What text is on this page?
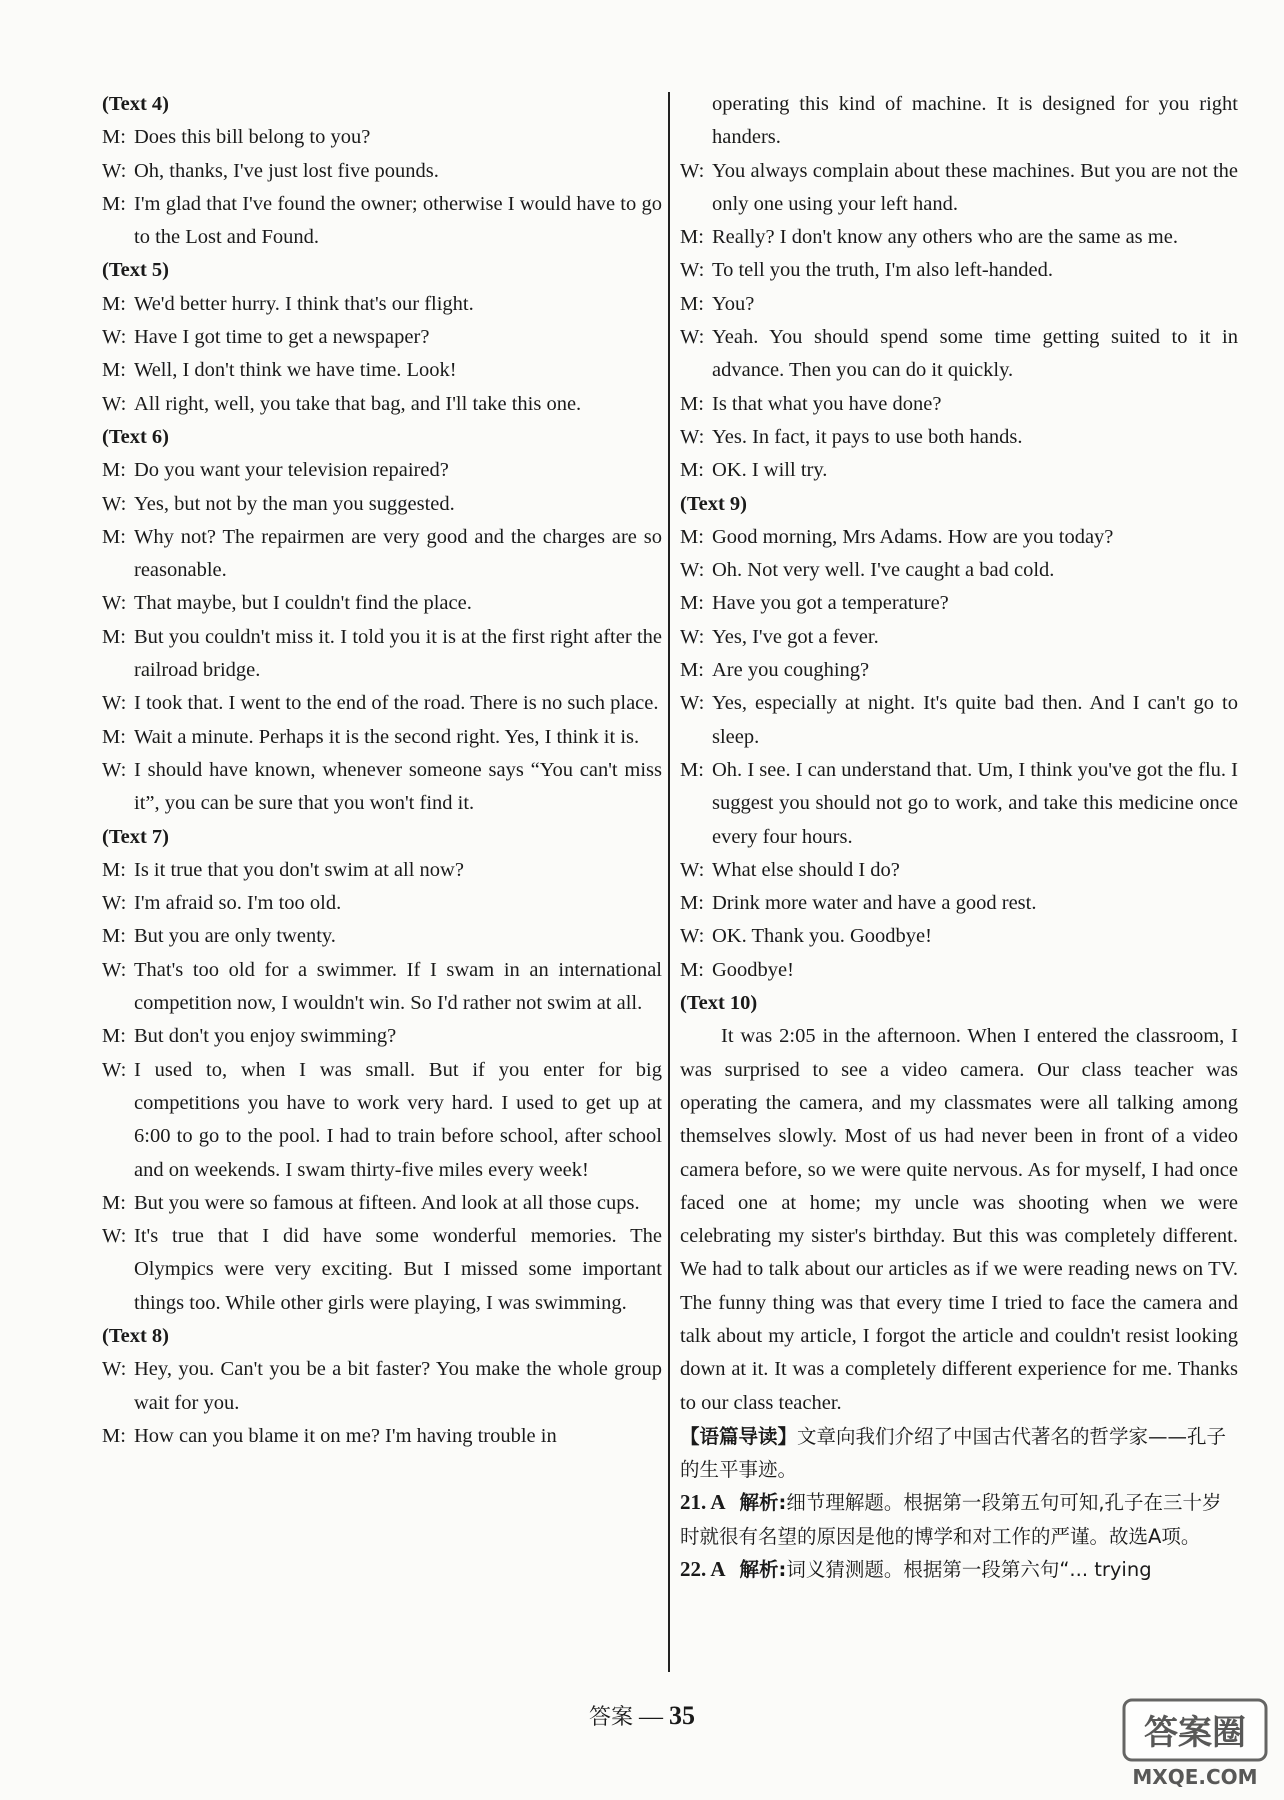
(Text 4)
M : Does this bill belong to you?
W : Oh, thanks, I've just lost five pounds.
M : I'm glad that I've found the owner; otherwise I would have to go to the Lost and Found.
(Text 5)
M : We'd better hurry. I think that's our flight.
W : Have I got time to get a newspaper?
M : Well, I don't think we have time. Look!
W : All right, well, you take that bag, and I'll take this one.
(Text 6)
M : Do you want your television repaired?
W : Yes, but not by the man you suggested.
M : Why not? The repairmen are very good and the charges are so reasonable.
W : That maybe, but I couldn't find the place.
M : But you couldn't miss it. I told you it is at the first right after the railroad bridge.
W : I took that. I went to the end of the road. There is no such place.
M : Wait a minute. Perhaps it is the second right. Yes, I think it is.
W : I should have known, whenever someone says “You can't miss it”, you can be sure that you won't find it.
(Text 7)
M : Is it true that you don't swim at all now?
W : I'm afraid so. I'm too old.
M : But you are only twenty.
W : That's too old for a swimmer. If I swam in an international competition now, I wouldn't win. So I'd rather not swim at all.
M : But don't you enjoy swimming?
W : I used to, when I was small. But if you enter for big competitions you have to work very hard. I used to get up at 6:00 to go to the pool. I had to train before school, after school and on weekends. I swam thirty-five miles every week!
M : But you were so famous at fifteen. And look at all those cups.
W : It's true that I did have some wonderful memories. The Olympics were very exciting. But I missed some important things too. While other girls were playing, I was swimming.
(Text 8)
W : Hey, you. Can't you be a bit faster? You make the whole group wait for you.
M : How can you blame it on me? I'm having trouble in
operating this kind of machine. It is designed for you right handers.
W : You always complain about these machines. But you are not the only one using your left hand.
M : Really? I don't know any others who are the same as me.
W : To tell you the truth, I'm also left-handed.
M : You?
W : Yeah. You should spend some time getting suited to it in advance. Then you can do it quickly.
M : Is that what you have done?
W : Yes. In fact, it pays to use both hands.
M : OK. I will try.
(Text 9)
M : Good morning, Mrs Adams. How are you today?
W : Oh. Not very well. I've caught a bad cold.
M : Have you got a temperature?
W : Yes, I've got a fever.
M : Are you coughing?
W : Yes, especially at night. It's quite bad then. And I can't go to sleep.
M : Oh. I see. I can understand that. Um, I think you've got the flu. I suggest you should not go to work, and take this medicine once every four hours.
W : What else should I do?
M : Drink more water and have a good rest.
W : OK. Thank you. Goodbye!
M : Goodbye!
(Text 10)
It was 2:05 in the afternoon. When I entered the classroom, I was surprised to see a video camera. Our class teacher was operating the camera, and my classmates were all talking among themselves slowly. Most of us had never been in front of a video camera before, so we were quite nervous. As for myself, I had once faced one at home; my uncle was shooting when we were celebrating my sister's birthday. But this was completely different. We had to talk about our articles as if we were reading news on TV. The funny thing was that every time I tried to face the camera and talk about my article, I forgot the article and couldn't resist looking down at it. It was a completely different experience for me. Thanks to our class teacher.
【语篇导读】文章向我们介绍了中国古代著名的哲学家——孔子的生平事迹。
21. A 解析:细节理解题。根据第一段第五句可知,孔子在三十岁时就很有名望的原因是他的博学和对工作的严谨。故选A项。
22. A 解析:词义猜测题。根据第一段第六句“... trying
答案 — 35	答案圈
MXQE.COM
